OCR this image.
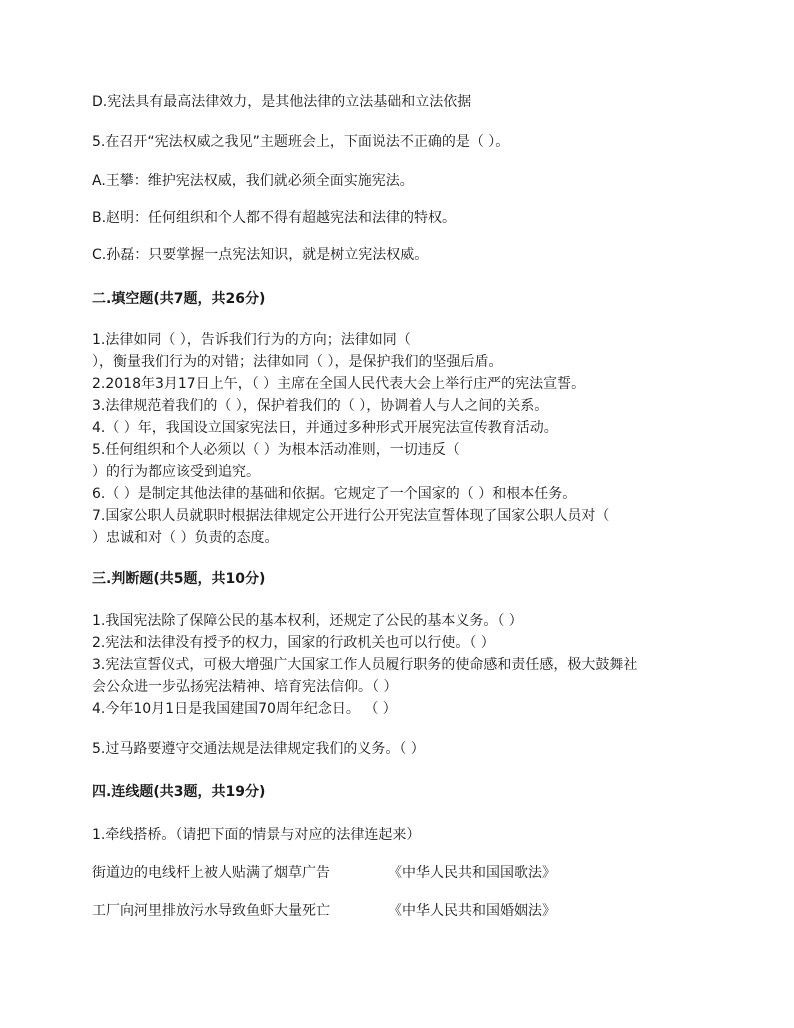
D.宪法具有最高法律效力，是其他法律的立法基础和立法依据

5.在召开“宪法权威之我见”主题班会上，下面说法不正确的是（ ）。

A.王攀：维护宪法权威，我们就必须全面实施宪法。

B.赵明：任何组织和个人都不得有超越宪法和法律的特权。

C.孙磊：只要掌握一点宪法知识，就是树立宪法权威。

二.填空题(共7题，共26分)

1.法律如同（ ），告诉我们行为的方向；法律如同（

），衡量我们行为的对错；法律如同（ ），是保护我们的坚强后盾。

2.2018年3月17日上午，（ ）主席在全国人民代表大会上举行庄严的宪法宣誓。

3.法律规范着我们的（ ），保护着我们的（ ），协调着人与人之间的关系。

4.（ ）年，我国设立国家宪法日，并通过多种形式开展宪法宣传教育活动。

5.任何组织和个人必须以（ ）为根本活动准则，一切违反（

）的行为都应该受到追究。

6.（ ）是制定其他法律的基础和依据。它规定了一个国家的（ ）和根本任务。

7.国家公职人员就职时根据法律规定公开进行公开宪法宣誓体现了国家公职人员对（

）忠诚和对（ ）负责的态度。

三.判断题(共5题，共10分)

1.我国宪法除了保障公民的基本权利，还规定了公民的基本义务。（ ）

2.宪法和法律没有授予的权力，国家的行政机关也可以行使。（ ）

3.宪法宣誓仪式，可极大增强广大国家工作人员履行职务的使命感和责任感，极大鼓舞社

会公众进一步弘扬宪法精神、培育宪法信仰。（ ）

4.今年10月1日是我国建国70周年纪念日。 （ ）

5.过马路要遵守交通法规是法律规定我们的义务。（ ）

四.连线题(共3题，共19分)

1.牵线搭桥。（请把下面的情景与对应的法律连起来）

街道边的电线杆上被人贴满了烟草广告	《中华人民共和国国歌法》

工厂向河里排放污水导致鱼虾大量死亡	《中华人民共和国婚姻法》
